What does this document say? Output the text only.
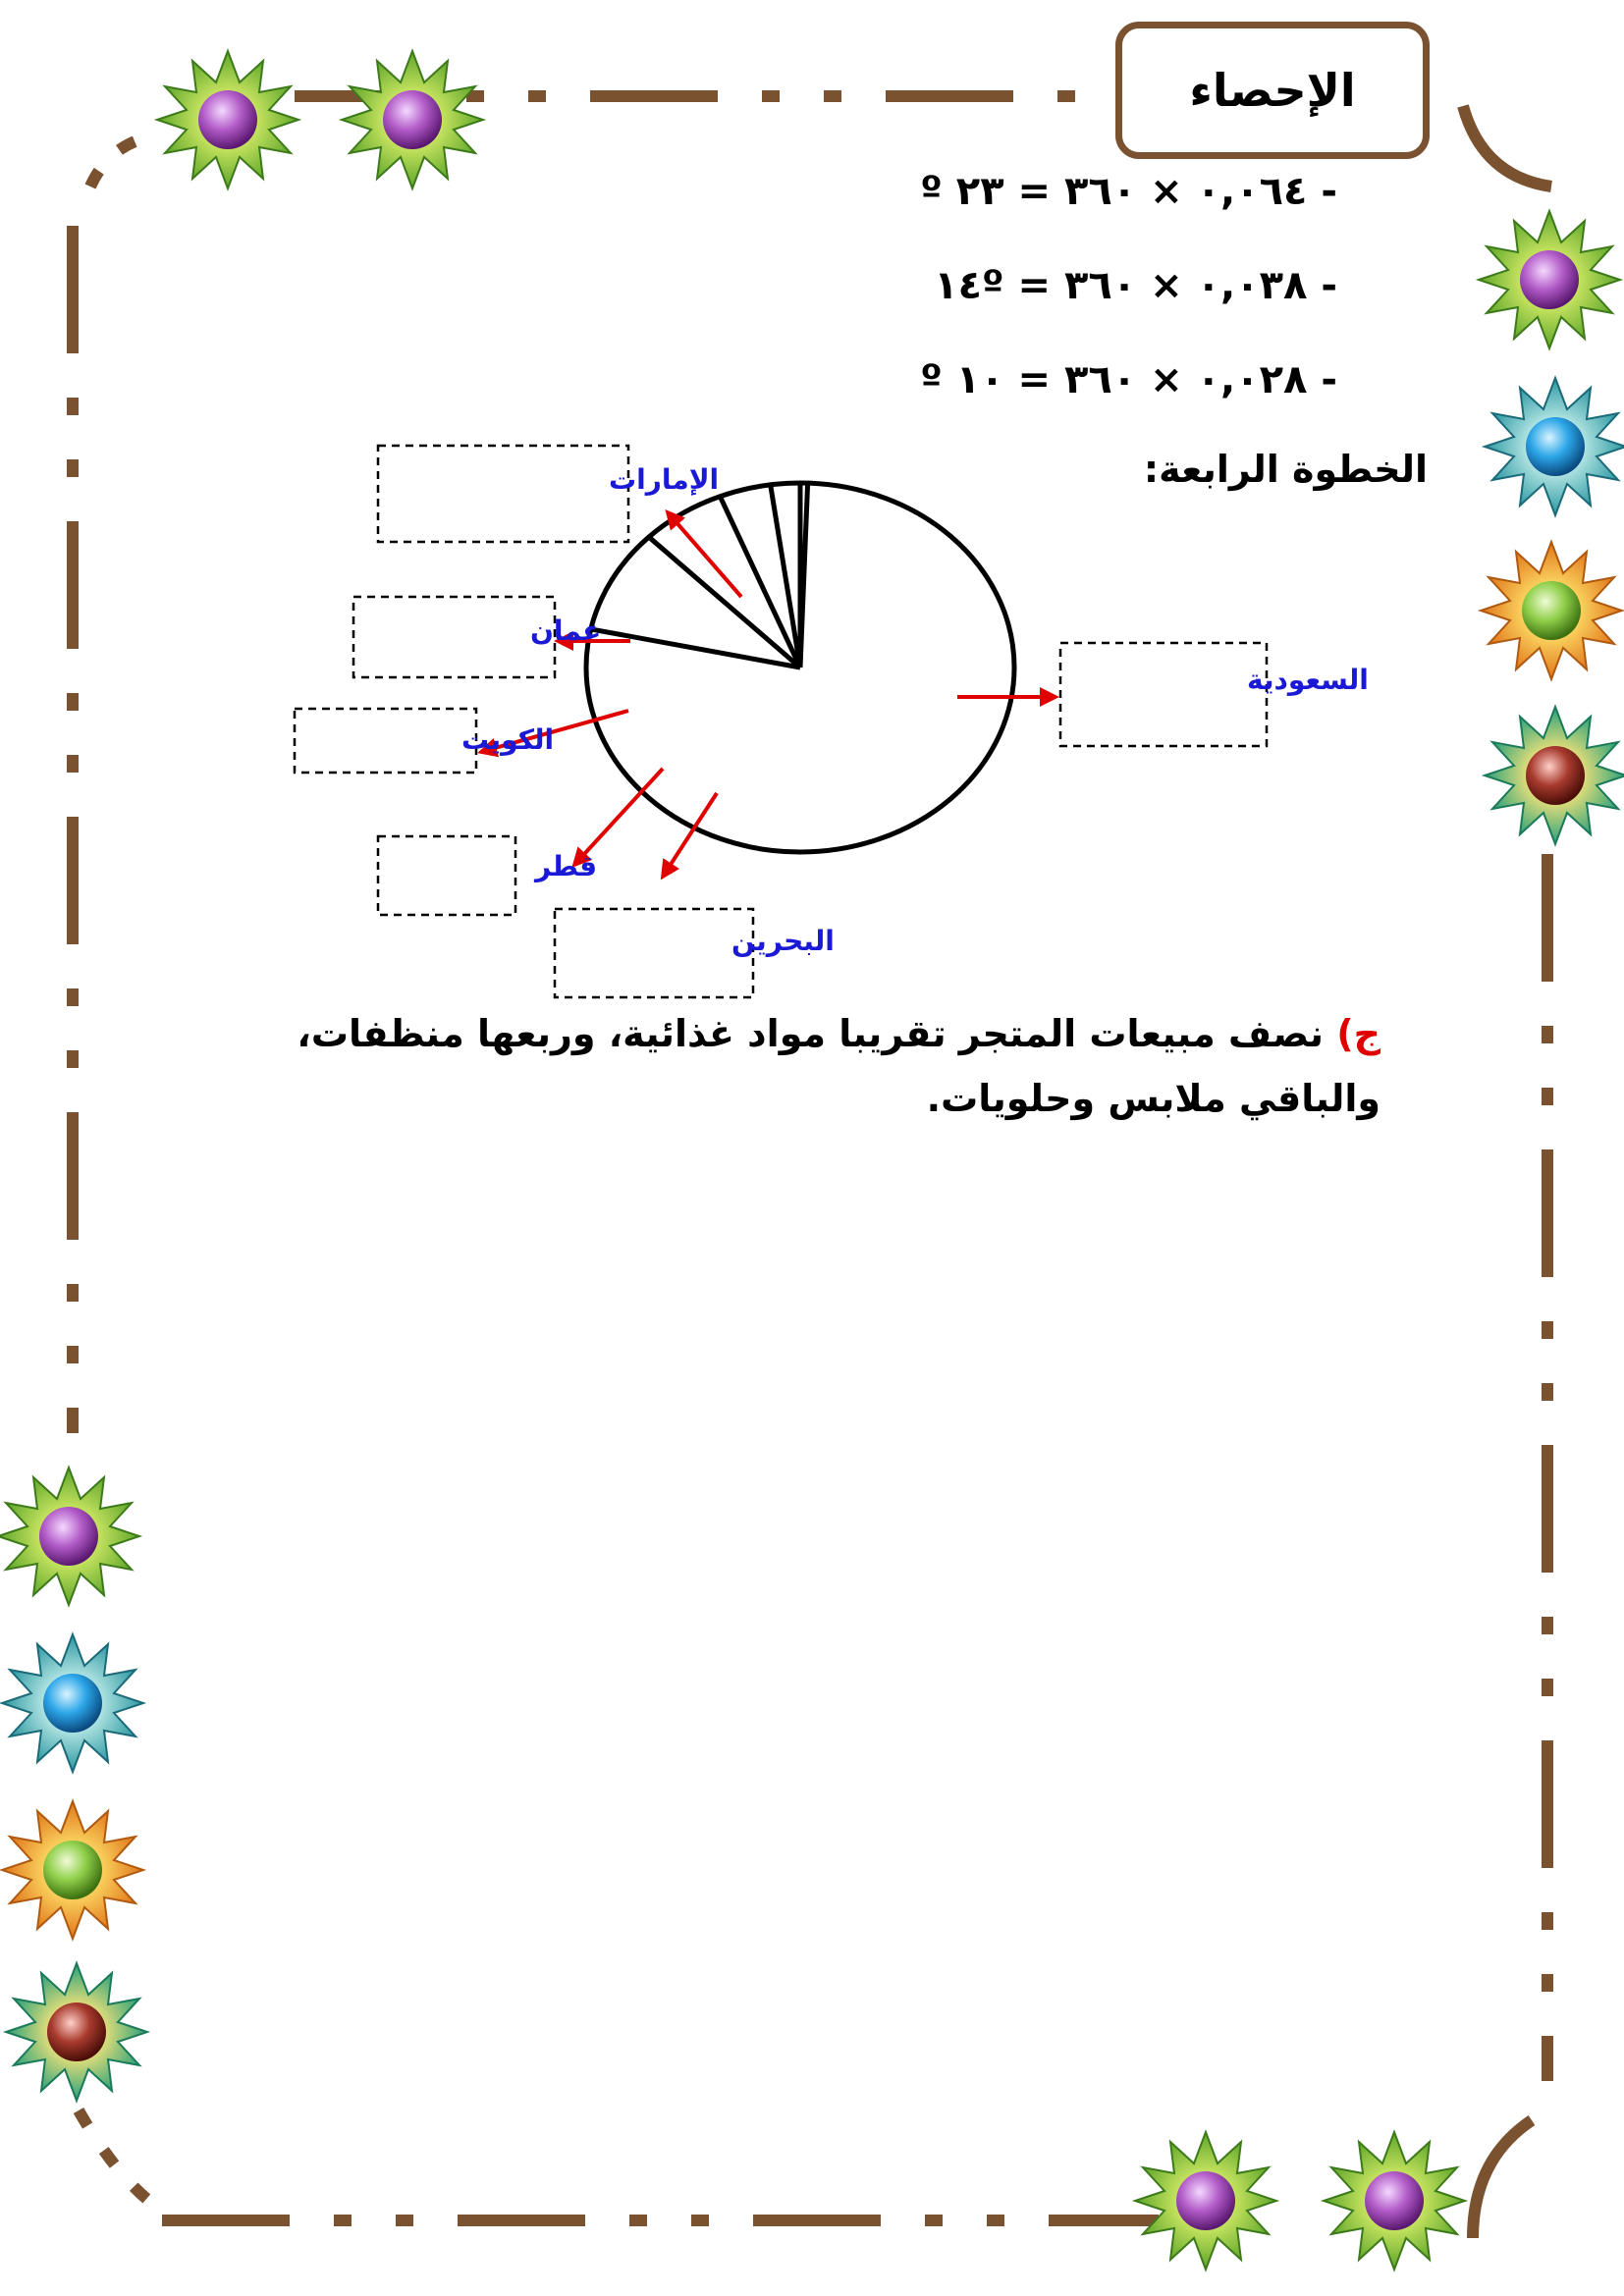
الإحصاء
- ٠,٠٦٤ × ٣٦٠ = ٢٣ º
- ٠,٠٣٨ × ٣٦٠ = ١٤º
- ٠,٠٢٨ × ٣٦٠ = ١٠ º
الخطوة الرابعة:
السعودية
الإمارات
عمان
الكويت
قطر
البحرين
ج) نصف مبيعات المتجر تقريبا مواد غذائية، وربعها منظفات، والباقي ملابس وحلويات.
